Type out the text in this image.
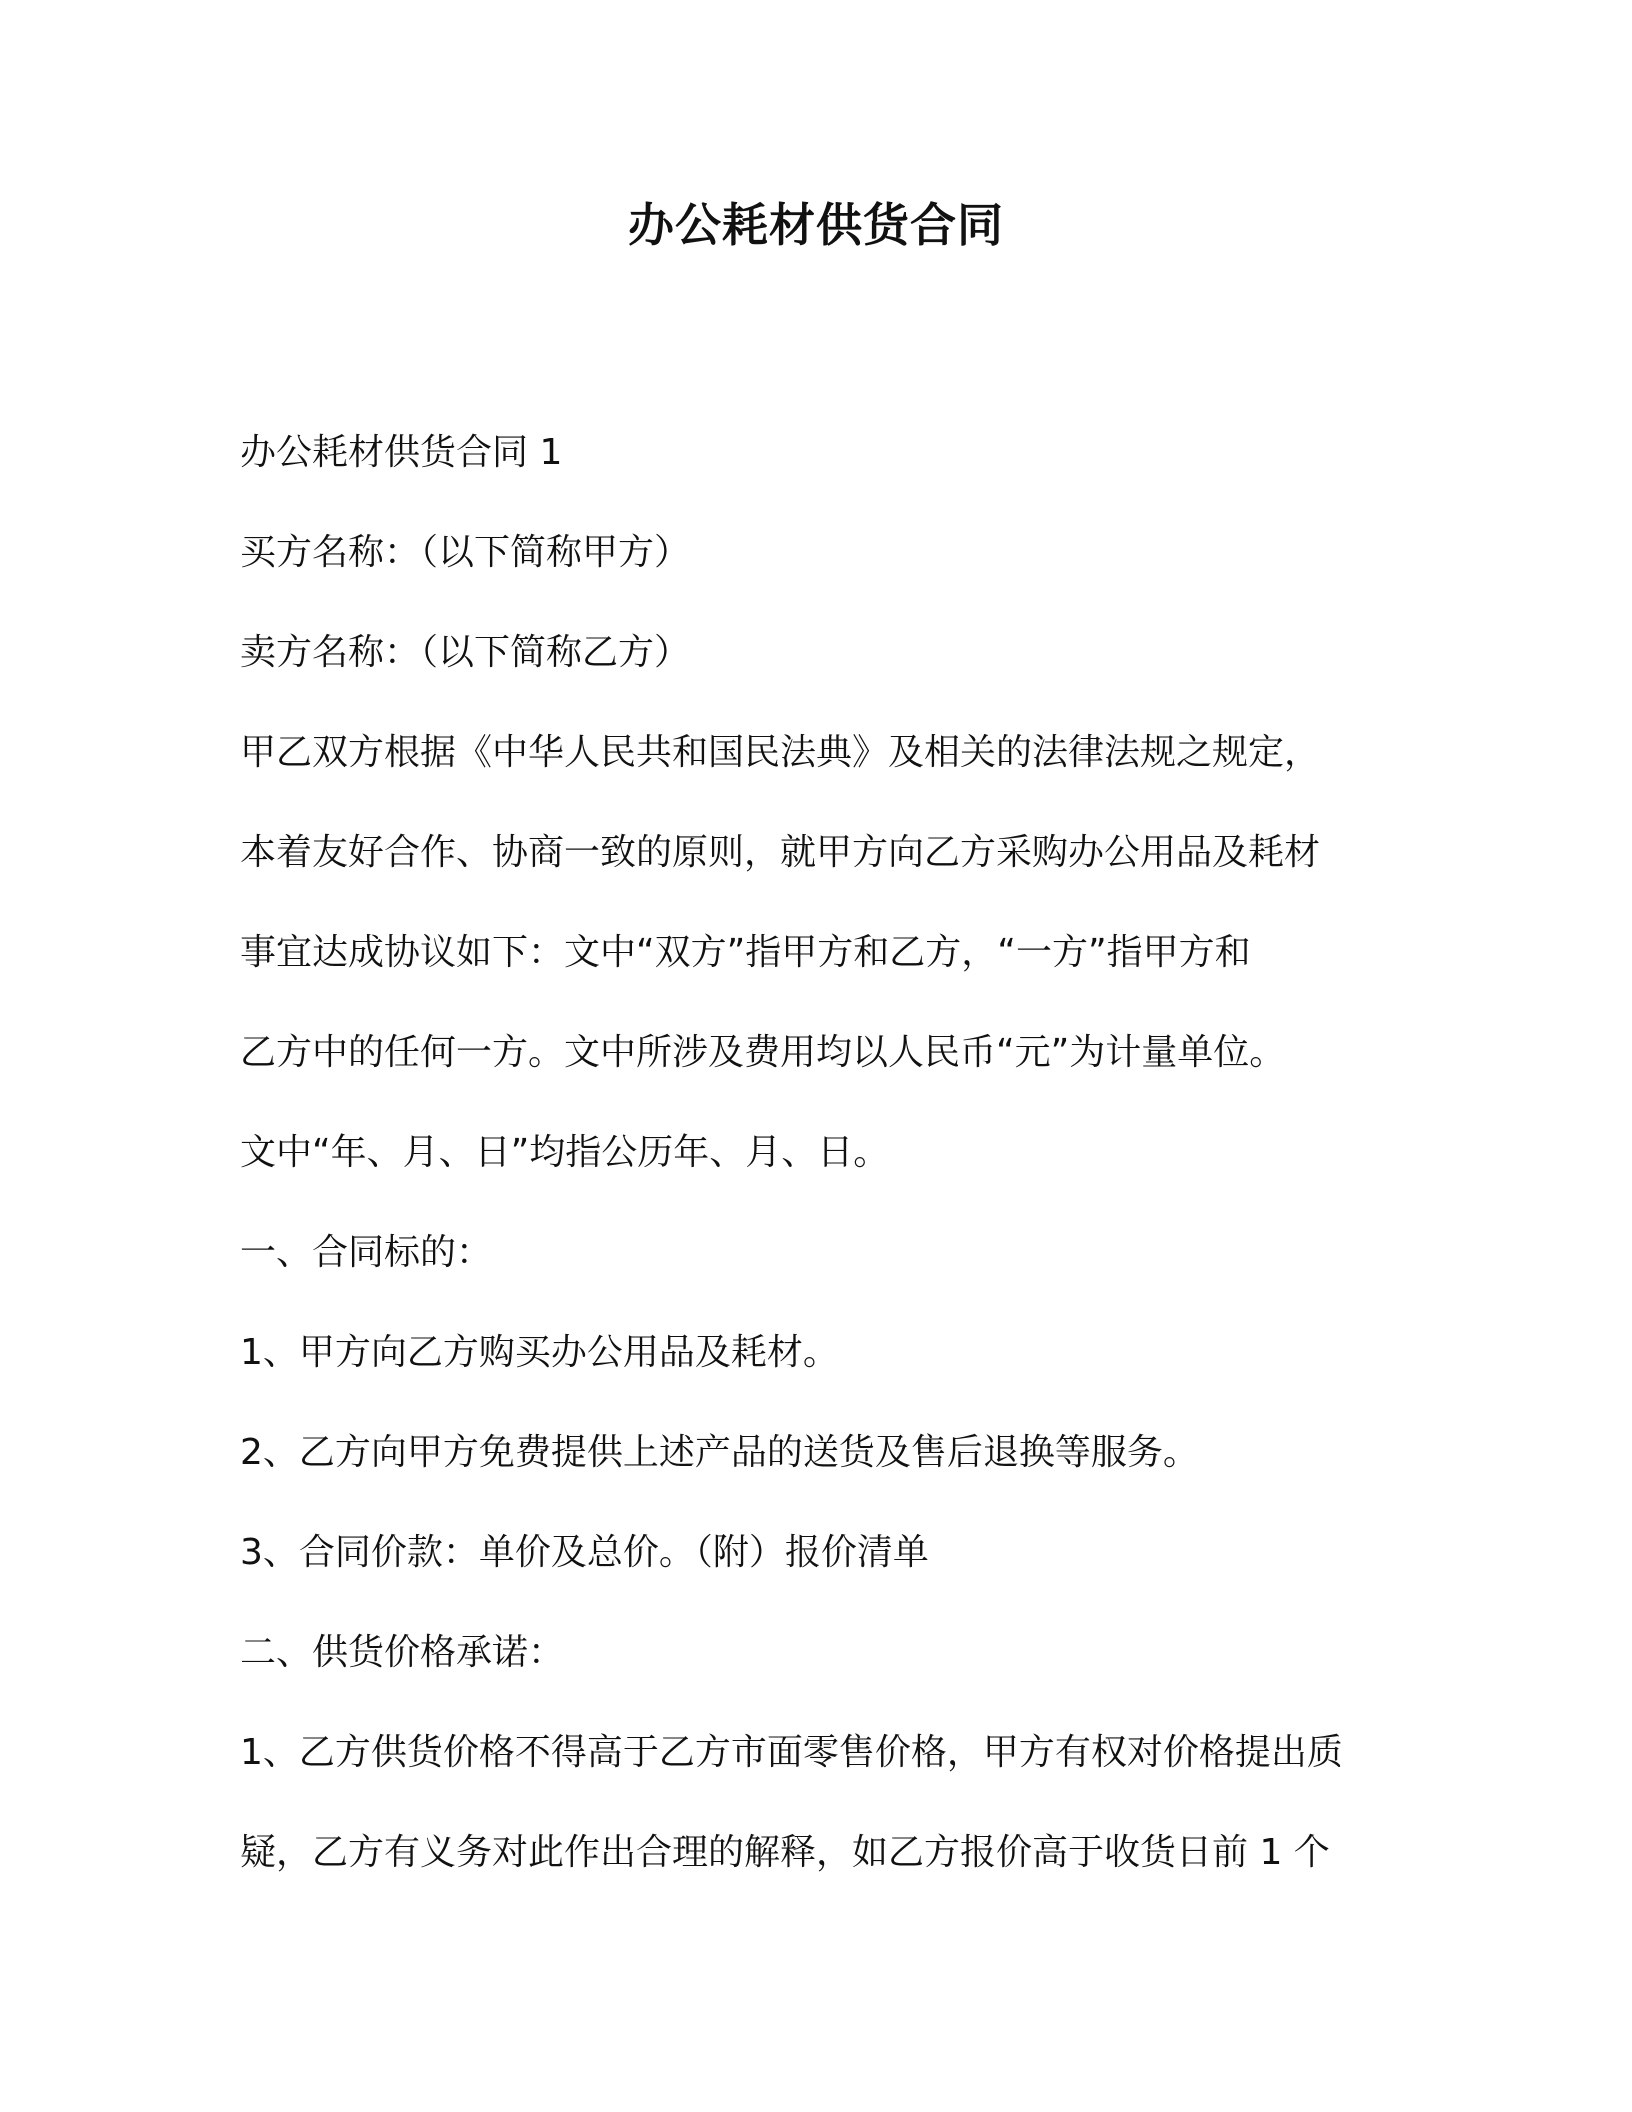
办公耗材供货合同

办公耗材供货合同 1

买方名称：（以下简称甲方）

卖方名称：（以下简称乙方）

甲乙双方根据《中华人民共和国民法典》及相关的法律法规之规定，

本着友好合作、协商一致的原则，就甲方向乙方采购办公用品及耗材

事宜达成协议如下：文中“双方”指甲方和乙方，“一方”指甲方和

乙方中的任何一方。文中所涉及费用均以人民币“元”为计量单位。

文中“年、月、日”均指公历年、月、日。

一、合同标的：

1、甲方向乙方购买办公用品及耗材。

2、乙方向甲方免费提供上述产品的送货及售后退换等服务。

3、合同价款：单价及总价。（附）报价清单

二、供货价格承诺：

1、乙方供货价格不得高于乙方市面零售价格，甲方有权对价格提出质

疑，乙方有义务对此作出合理的解释，如乙方报价高于收货日前 1 个
